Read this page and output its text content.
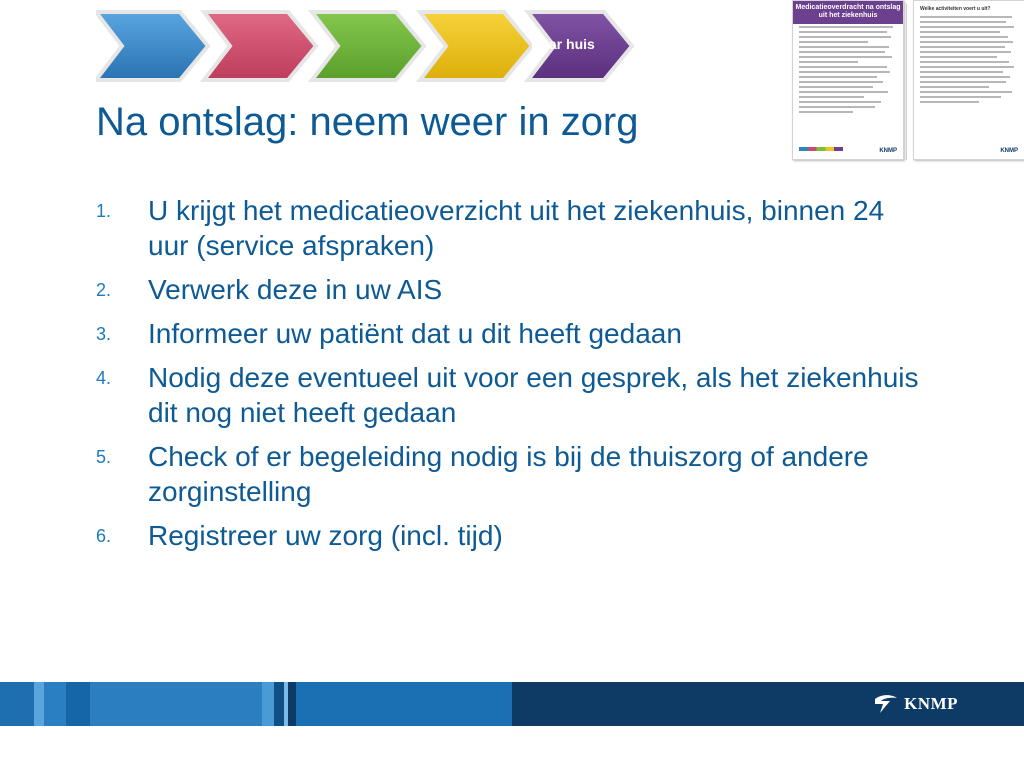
Naar huis
Na ontslag: neem weer in zorg
1.	U krijgt het medicatieoverzicht uit het ziekenhuis, binnen 24 uur (service afspraken)
2.	Verwerk deze in uw AIS
3.	Informeer uw patiënt dat u dit heeft gedaan
4.	Nodig deze eventueel uit voor een gesprek, als het ziekenhuis dit nog niet heeft gedaan
5.	Check of er begeleiding nodig is bij de thuiszorg of andere zorginstelling
6.	Registreer uw zorg (incl. tijd)
Medicatieoverdracht na ontslag uit het ziekenhuis
KNMP
Welke activiteiten voert u uit?
KNMP
KNMP
